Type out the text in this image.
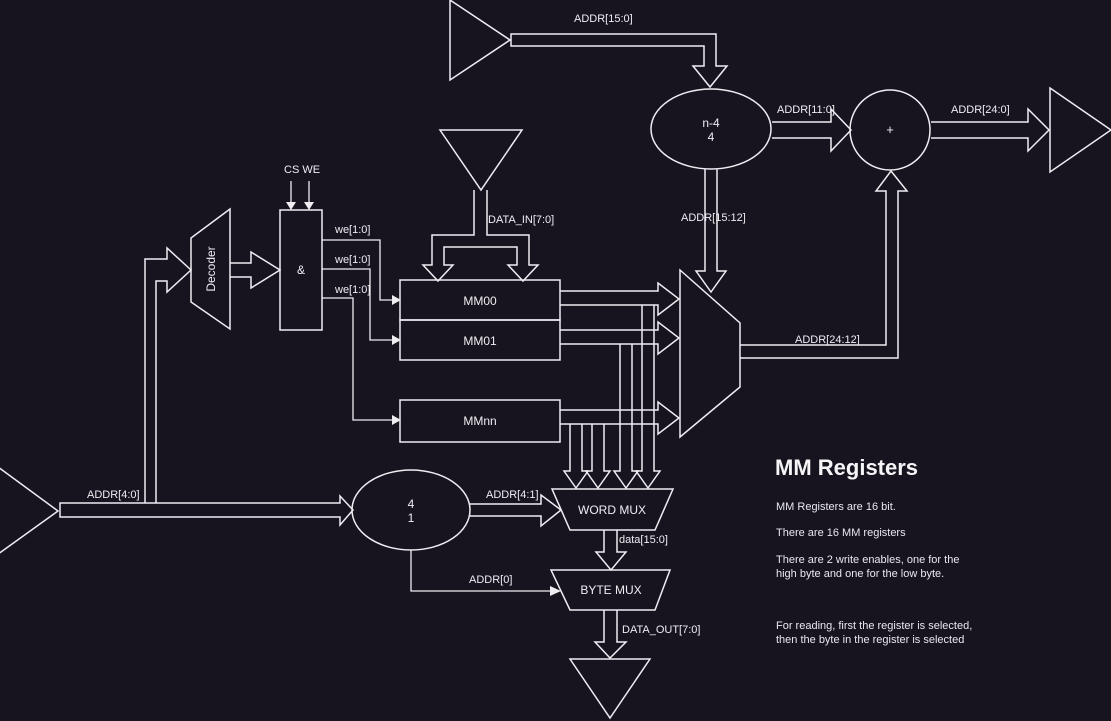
ADDR[15:0]
ADDR[11:0]	ADDR[24:0]
ADDR[15:12]
ADDR[24:12]
ADDR[4:0]	ADDR[4:1]
ADDR[0]
DATA_IN[7:0]
data[15:0]
DATA_OUT[7:0]
CS WE
we[1:0]
we[1:0]
we[1:0]
Decoder	&
n-4
4	+
4
1
MM00
MM01
MMnn
WORD MUX
BYTE MUX
MM Registers
MM Registers are 16 bit.
There are 16 MM registers
There are 2 write enables, one for the
high byte and one for the low byte.
For reading, first the register is selected,
then the byte in the register is selected
